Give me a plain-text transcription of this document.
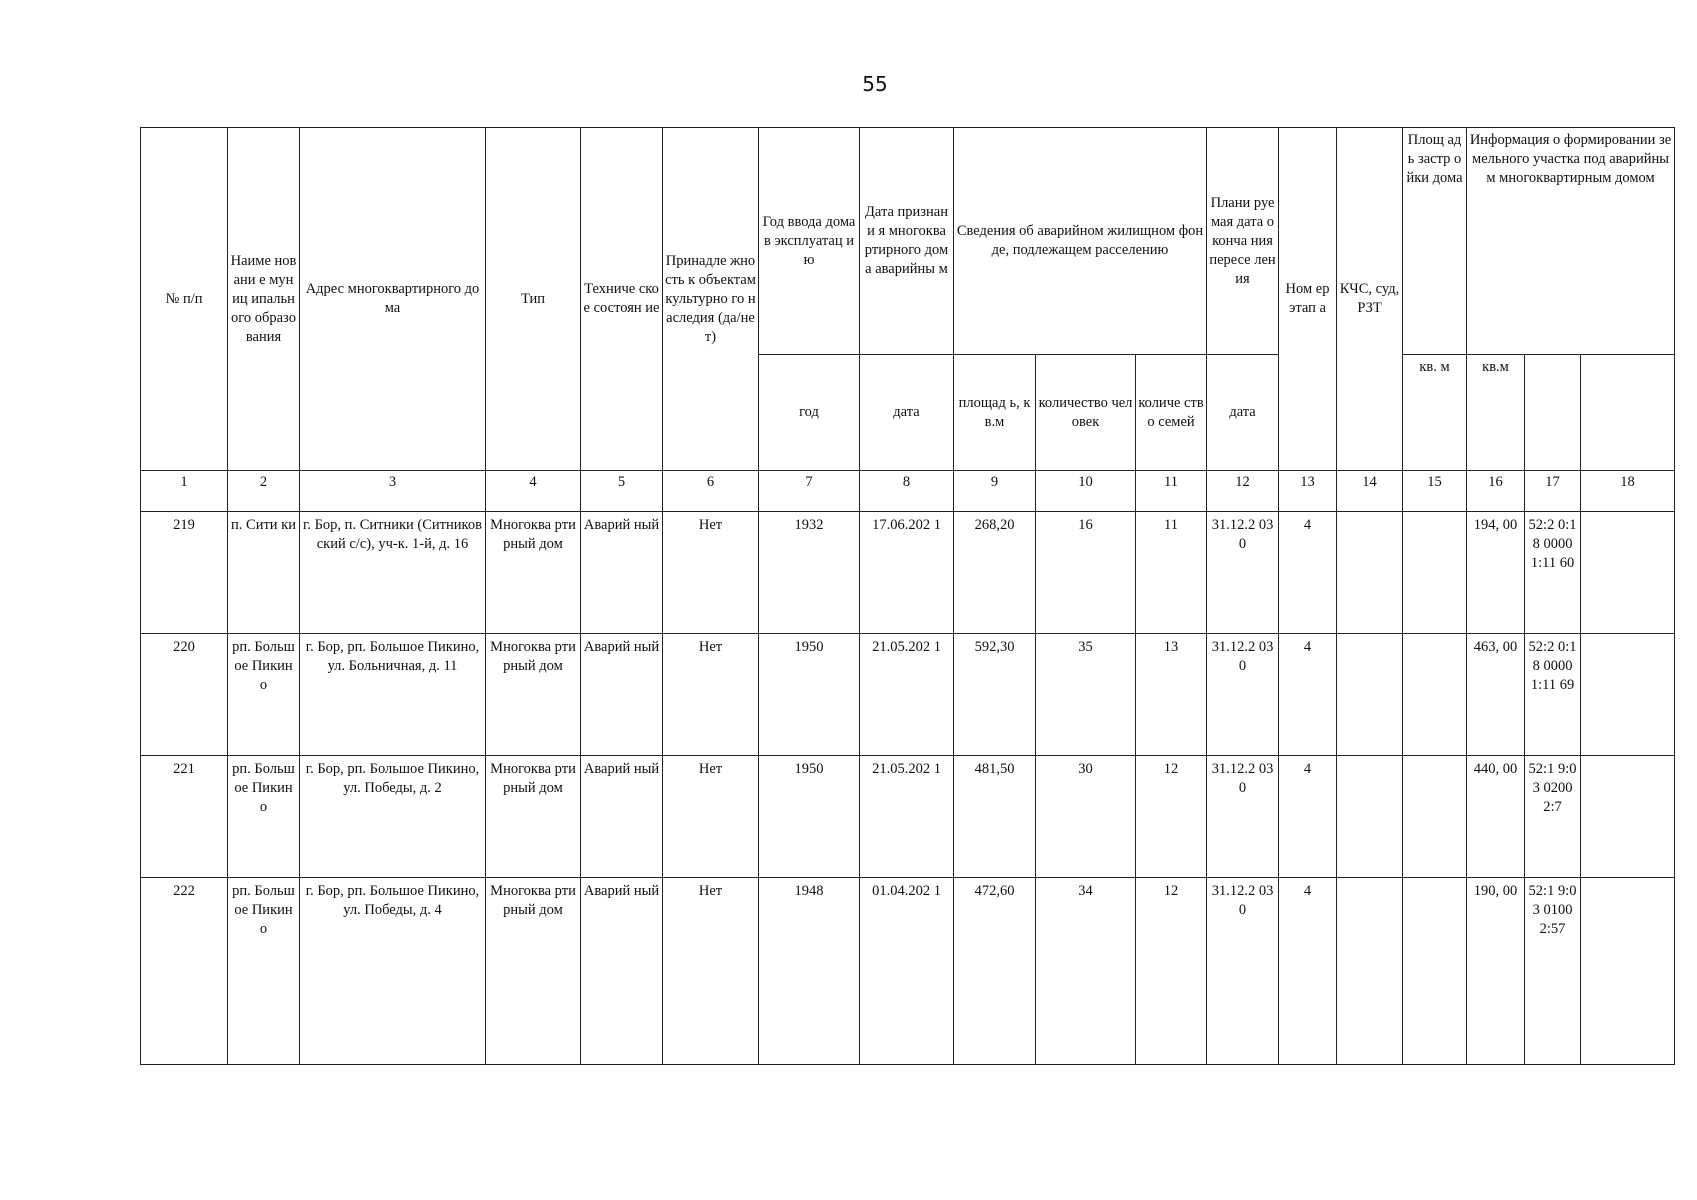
55
№ п/п	Наиме новани е муниц ипальн ого образо вания	Адрес многоквартирного дома	Тип	Техниче ское состоян ие	Принадле жность к объектам культурно го наследия (да/нет)	Год ввода дома в эксплуатац ию	Дата признани я многоква ртирного дома аварийны м	Сведения об аварийном жилищном фонде, подлежащем расселению			Плани руемая дата оконча ния пересе ления	Ном ер этап а	КЧС, суд, РЗТ	Площ адь застр ойки дома	Информация о формировании земельного участка под аварийным многоквартирным домом		

						год	дата	площад ь, кв.м	количество человек	количе ство семей	дата			кв. м	кв.м		

1	2	3	4	5	6	7	8	9	10	11	12	13	14	15	16	17	18
219	п. Сити ки	г. Бор, п. Ситники (Ситниковский с/с), уч-к. 1-й, д. 16	Многоква ртирный дом	Аварий ный	Нет	1932	17.06.202 1	268,20	16	11	31.12.2 030	4			194, 00	52:2 0:18 0000 1:11 60	
220	рп. Больш ое Пикин о	г. Бор, рп. Большое Пикино, ул. Больничная, д. 11	Многоква ртирный дом	Аварий ный	Нет	1950	21.05.202 1	592,30	35	13	31.12.2 030	4			463, 00	52:2 0:18 0000 1:11 69	
221	рп. Больш ое Пикин о	г. Бор, рп. Большое Пикино, ул. Победы, д. 2	Многоква ртирный дом	Аварий ный	Нет	1950	21.05.202 1	481,50	30	12	31.12.2 030	4			440, 00	52:1 9:03 0200 2:7	
222	рп. Больш ое Пикин о	г. Бор, рп. Большое Пикино, ул. Победы, д. 4	Многоква ртирный дом	Аварий ный	Нет	1948	01.04.202 1	472,60	34	12	31.12.2 030	4			190, 00	52:1 9:03 0100 2:57	
